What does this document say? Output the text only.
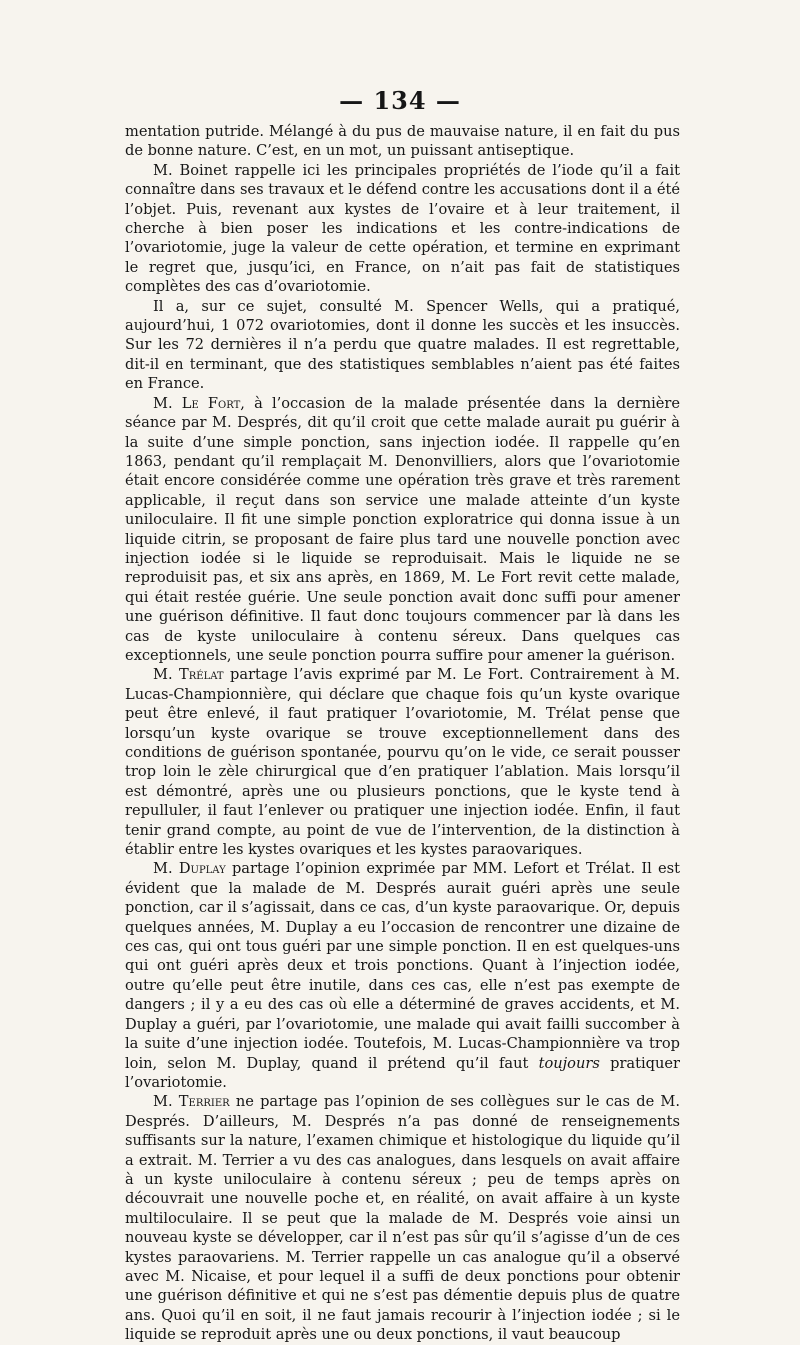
— 134 —

mentation putride. Mélangé à du pus de mauvaise nature, il en fait du pus de bonne nature. C’est, en un mot, un puissant antiseptique.

M. Boinet rappelle ici les principales propriétés de l’iode qu’il a fait connaître dans ses travaux et le défend contre les accusations dont il a été l’objet. Puis, revenant aux kystes de l’ovaire et à leur traitement, il cherche à bien poser les indications et les contre-indications de l’ovariotomie, juge la valeur de cette opération, et termine en exprimant le regret que, jusqu’ici, en France, on n’ait pas fait de statistiques complètes des cas d’ovariotomie.

Il a, sur ce sujet, consulté M. Spencer Wells, qui a pratiqué, aujourd’hui, 1 072 ovariotomies, dont il donne les succès et les insuccès. Sur les 72 dernières il n’a perdu que quatre malades. Il est regrettable, dit-il en terminant, que des statistiques semblables n’aient pas été faites en France.

M. Le Fort, à l’occasion de la malade présentée dans la dernière séance par M. Després, dit qu’il croit que cette malade aurait pu guérir à la suite d’une simple ponction, sans injection iodée. Il rappelle qu’en 1863, pendant qu’il remplaçait M. Denonvilliers, alors que l’ovariotomie était encore considérée comme une opération très grave et très rarement applicable, il reçut dans son service une malade atteinte d’un kyste uniloculaire. Il fit une simple ponction exploratrice qui donna issue à un liquide citrin, se proposant de faire plus tard une nouvelle ponction avec injection iodée si le liquide se reproduisait. Mais le liquide ne se reproduisit pas, et six ans après, en 1869, M. Le Fort revit cette malade, qui était restée guérie. Une seule ponction avait donc suffi pour amener une guérison définitive. Il faut donc toujours commencer par là dans les cas de kyste uniloculaire à contenu séreux. Dans quelques cas exceptionnels, une seule ponction pourra suffire pour amener la guérison.

M. Trélat partage l’avis exprimé par M. Le Fort. Contrairement à M. Lucas-Championnière, qui déclare que chaque fois qu’un kyste ovarique peut être enlevé, il faut pratiquer l’ovariotomie, M. Trélat pense que lorsqu’un kyste ovarique se trouve exceptionnellement dans des conditions de guérison spontanée, pourvu qu’on le vide, ce serait pousser trop loin le zèle chirurgical que d’en pratiquer l’ablation. Mais lorsqu’il est démontré, après une ou plusieurs ponctions, que le kyste tend à repulluler, il faut l’enlever ou pratiquer une injection iodée. Enfin, il faut tenir grand compte, au point de vue de l’intervention, de la distinction à établir entre les kystes ovariques et les kystes paraovariques.

M. Duplay partage l’opinion exprimée par MM. Lefort et Trélat. Il est évident que la malade de M. Després aurait guéri après une seule ponction, car il s’agissait, dans ce cas, d’un kyste paraovarique. Or, depuis quelques années, M. Duplay a eu l’occasion de rencontrer une dizaine de ces cas, qui ont tous guéri par une simple ponction. Il en est quelques-uns qui ont guéri après deux et trois ponctions. Quant à l’injection iodée, outre qu’elle peut être inutile, dans ces cas, elle n’est pas exempte de dangers ; il y a eu des cas où elle a déterminé de graves accidents, et M. Duplay a guéri, par l’ovariotomie, une malade qui avait failli succomber à la suite d’une injection iodée. Toutefois, M. Lucas-Championnière va trop loin, selon M. Duplay, quand il prétend qu’il faut toujours pratiquer l’ovariotomie.

M. Terrier ne partage pas l’opinion de ses collègues sur le cas de M. Després. D’ailleurs, M. Després n’a pas donné de renseignements suffisants sur la nature, l’examen chimique et histologique du liquide qu’il a extrait. M. Terrier a vu des cas analogues, dans lesquels on avait affaire à un kyste uniloculaire à contenu séreux ; peu de temps après on découvrait une nouvelle poche et, en réalité, on avait affaire à un kyste multiloculaire. Il se peut que la malade de M. Després voie ainsi un nouveau kyste se développer, car il n’est pas sûr qu’il s’agisse d’un de ces kystes paraovariens. M. Terrier rappelle un cas analogue qu’il a observé avec M. Nicaise, et pour lequel il a suffi de deux ponctions pour obtenir une guérison définitive et qui ne s’est pas démentie depuis plus de quatre ans. Quoi qu’il en soit, il ne faut jamais recourir à l’injection iodée ; si le liquide se reproduit après une ou deux ponctions, il vaut beaucoup
